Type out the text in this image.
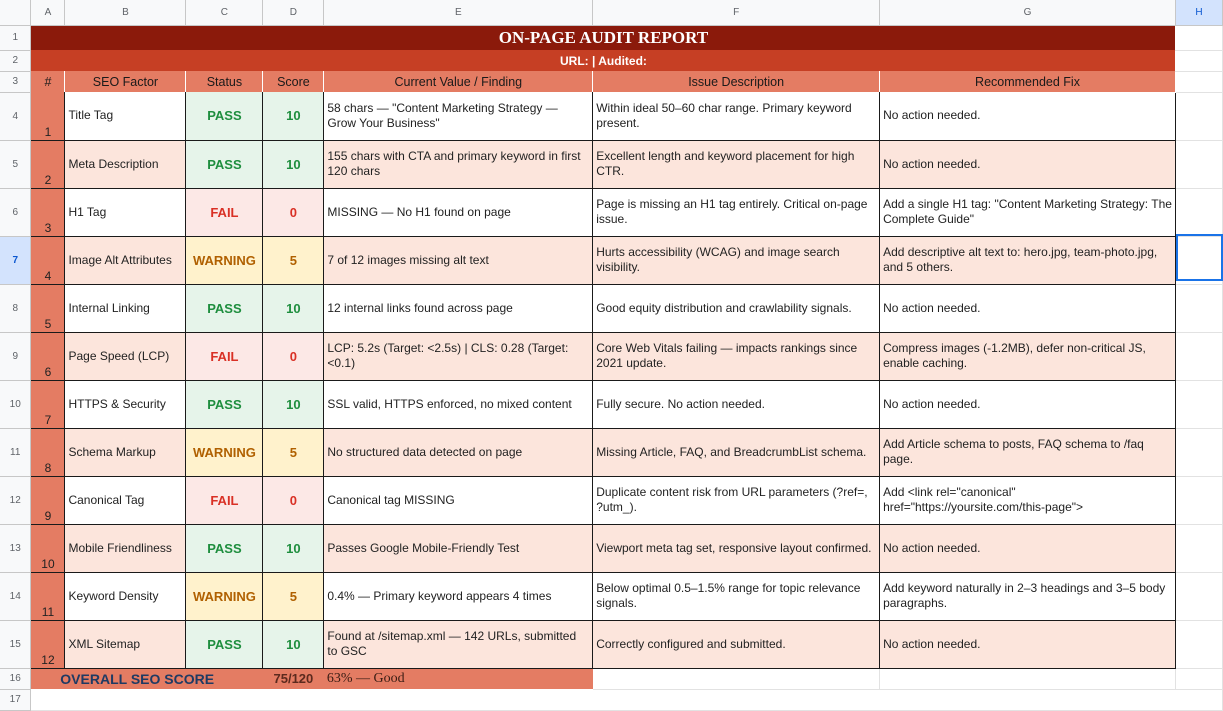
	A	B	C	D	E	F	G	H
1	ON-PAGE AUDIT REPORT							
2	URL: | Audited:							
3	#	SEO Factor	Status	Score	Current Value / Finding	Issue Description	Recommended Fix	
4	1	Title Tag	PASS	10	58 chars — "Content Marketing Strategy — Grow Your Business"	Within ideal 50–60 char range. Primary keyword present.	No action needed.	
5	2	Meta Description	PASS	10	155 chars with CTA and primary keyword in first 120 chars	Excellent length and keyword placement for high CTR.	No action needed.	
6	3	H1 Tag	FAIL	0	MISSING — No H1 found on page	Page is missing an H1 tag entirely. Critical on-page issue.	Add a single H1 tag: "Content Marketing Strategy: The Complete Guide"	
7	4	Image Alt Attributes	WARNING	5	7 of 12 images missing alt text	Hurts accessibility (WCAG) and image search visibility.	Add descriptive alt text to: hero.jpg, team-photo.jpg, and 5 others.	
8	5	Internal Linking	PASS	10	12 internal links found across page	Good equity distribution and crawlability signals.	No action needed.	
9	6	Page Speed (LCP)	FAIL	0	LCP: 5.2s (Target: <2.5s) | CLS: 0.28 (Target: <0.1)	Core Web Vitals failing — impacts rankings since 2021 update.	Compress images (-1.2MB), defer non-critical JS, enable caching.	
10	7	HTTPS & Security	PASS	10	SSL valid, HTTPS enforced, no mixed content	Fully secure. No action needed.	No action needed.	
11	8	Schema Markup	WARNING	5	No structured data detected on page	Missing Article, FAQ, and BreadcrumbList schema.	Add Article schema to posts, FAQ schema to /faq page.	
12	9	Canonical Tag	FAIL	0	Canonical tag MISSING	Duplicate content risk from URL parameters (?ref=, ?utm_).	Add <link rel="canonical" href="https://yoursite.com/this-page">	
13	10	Mobile Friendliness	PASS	10	Passes Google Mobile-Friendly Test	Viewport meta tag set, responsive layout confirmed.	No action needed.	
14	11	Keyword Density	WARNING	5	0.4% — Primary keyword appears 4 times	Below optimal 0.5–1.5% range for topic relevance signals.	Add keyword naturally in 2–3 headings and 3–5 body paragraphs.	
15	12	XML Sitemap	PASS	10	Found at /sitemap.xml — 142 URLs, submitted to GSC	Correctly configured and submitted.	No action needed.	
16	OVERALL SEO SCORE			75/120	63% — Good			
17								
